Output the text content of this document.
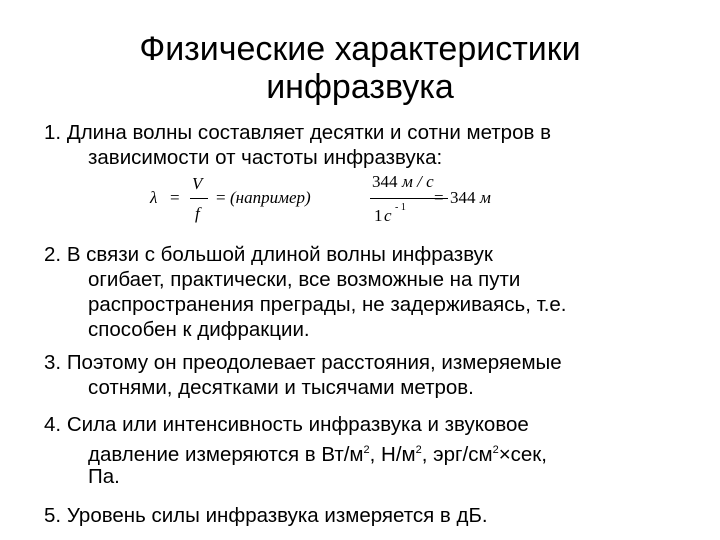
Физические характеристики
инфразвука
1. Длина волны составляет десятки и сотни метров в
зависимости от частоты инфразвука:
λ =
V
f
= (например)
344 м / с
1 с - 1
= 344 м
2. В связи с большой длиной волны инфразвук
огибает, практически, все возможные на пути
распространения преграды, не задерживаясь, т.е.
способен к дифракции.
3. Поэтому он преодолевает расстояния, измеряемые
сотнями, десятками и тысячами метров.
4. Сила или интенсивность инфразвука и звуковое
давление измеряются в $Вт/м^2$, $Н/м^2$, эрг/$см^2\times сек$,
Па.
5. Уровень силы инфразвука измеряется в дБ.
